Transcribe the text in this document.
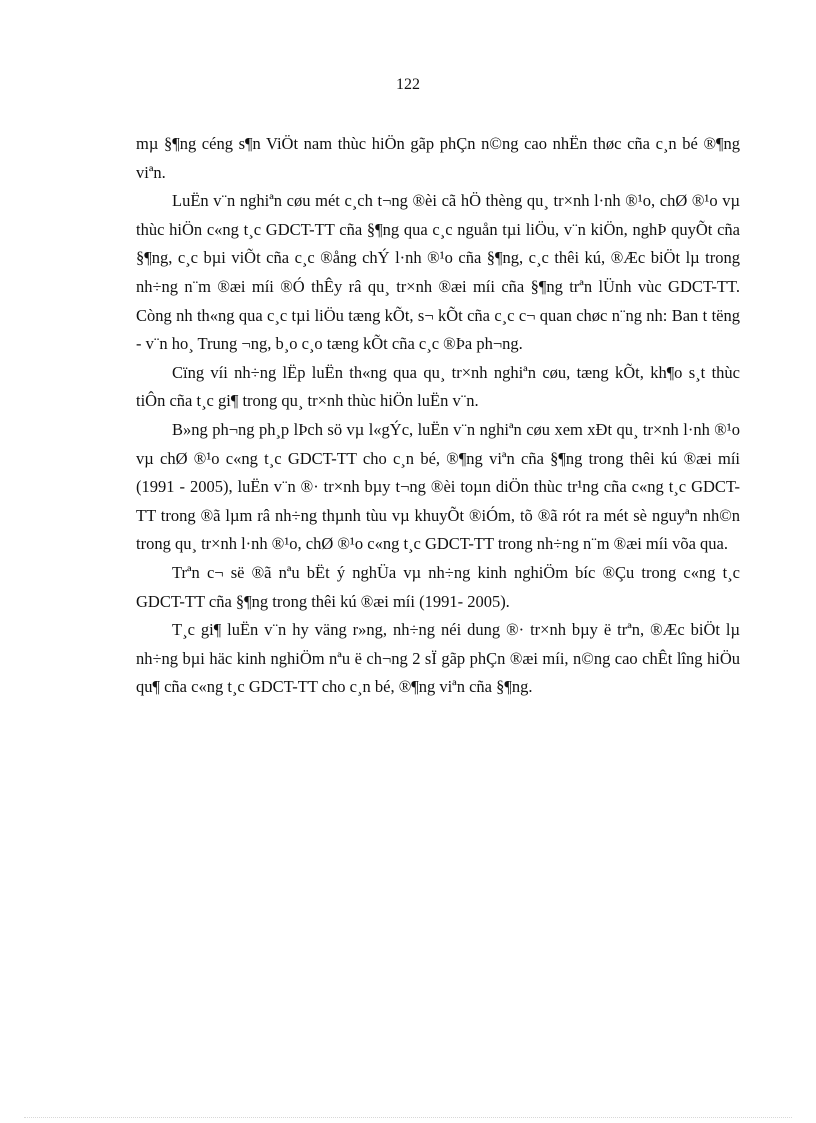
122

mµ §¶ng céng s¶n ViÖt nam thùc hiÖn gãp phÇn n©ng cao nhËn thøc cña c¸n bé ®¶ng viªn.

LuËn v¨n nghiªn cøu mét c¸ch t¬ng ®èi cã hÖ thèng qu¸ tr×nh l·nh ®¹o, chØ ®¹o vµ thùc hiÖn c«ng t¸c GDCT-TT cña §¶ng qua c¸c nguån tµi liÖu, v¨n kiÖn, nghÞ quyÕt cña §¶ng, c¸c bµi viÕt cña c¸c ®ång chÝ l·nh ®¹o cña §¶ng, c¸c thêi kú, ®Æc biÖt lµ trong nh÷ng n¨m ®æi míi ®Ó thÊy râ qu¸ tr×nh ®æi míi cña §¶ng trªn lÜnh vùc GDCT-TT. Còng nh th«ng qua c¸c tµi liÖu tæng kÕt, s¬ kÕt cña c¸c c¬ quan chøc n¨ng nh: Ban t tëng - v¨n ho¸ Trung ¬ng, b¸o c¸o tæng kÕt cña c¸c ®Þa ph¬ng.

Cïng víi nh÷ng lËp luËn th«ng qua qu¸ tr×nh nghiªn cøu, tæng kÕt, kh¶o s¸t thùc tiÔn cña t¸c gi¶ trong qu¸ tr×nh thùc hiÖn luËn v¨n.

B»ng ph¬ng ph¸p lÞch sö vµ l«gÝc, luËn v¨n nghiªn cøu xem xÐt qu¸ tr×nh l·nh ®¹o vµ chØ ®¹o c«ng t¸c GDCT-TT cho c¸n bé, ®¶ng viªn cña §¶ng trong thêi kú ®æi míi (1991 - 2005), luËn v¨n ®· tr×nh bµy t¬ng ®èi toµn diÖn thùc tr¹ng cña c«ng t¸c GDCT-TT trong ®ã lµm râ nh÷ng thµnh tùu vµ khuyÕt ®iÓm, tõ ®ã rót ra mét sè nguyªn nh©n trong qu¸ tr×nh l·nh ®¹o, chØ ®¹o c«ng t¸c GDCT-TT trong nh÷ng n¨m ®æi míi võa qua.

Trªn c¬ së ®ã nªu bËt ý nghÜa vµ nh÷ng kinh nghiÖm bíc ®Çu trong c«ng t¸c GDCT-TT cña §¶ng trong thêi kú ®æi míi (1991- 2005).

T¸c gi¶ luËn v¨n hy väng r»ng, nh÷ng néi dung ®· tr×nh bµy ë trªn, ®Æc biÖt lµ nh÷ng bµi häc kinh nghiÖm nªu ë ch¬ng 2 sÏ gãp phÇn ®æi míi, n©ng cao chÊt lîng hiÖu qu¶ cña c«ng t¸c GDCT-TT cho c¸n bé, ®¶ng viªn cña §¶ng.
